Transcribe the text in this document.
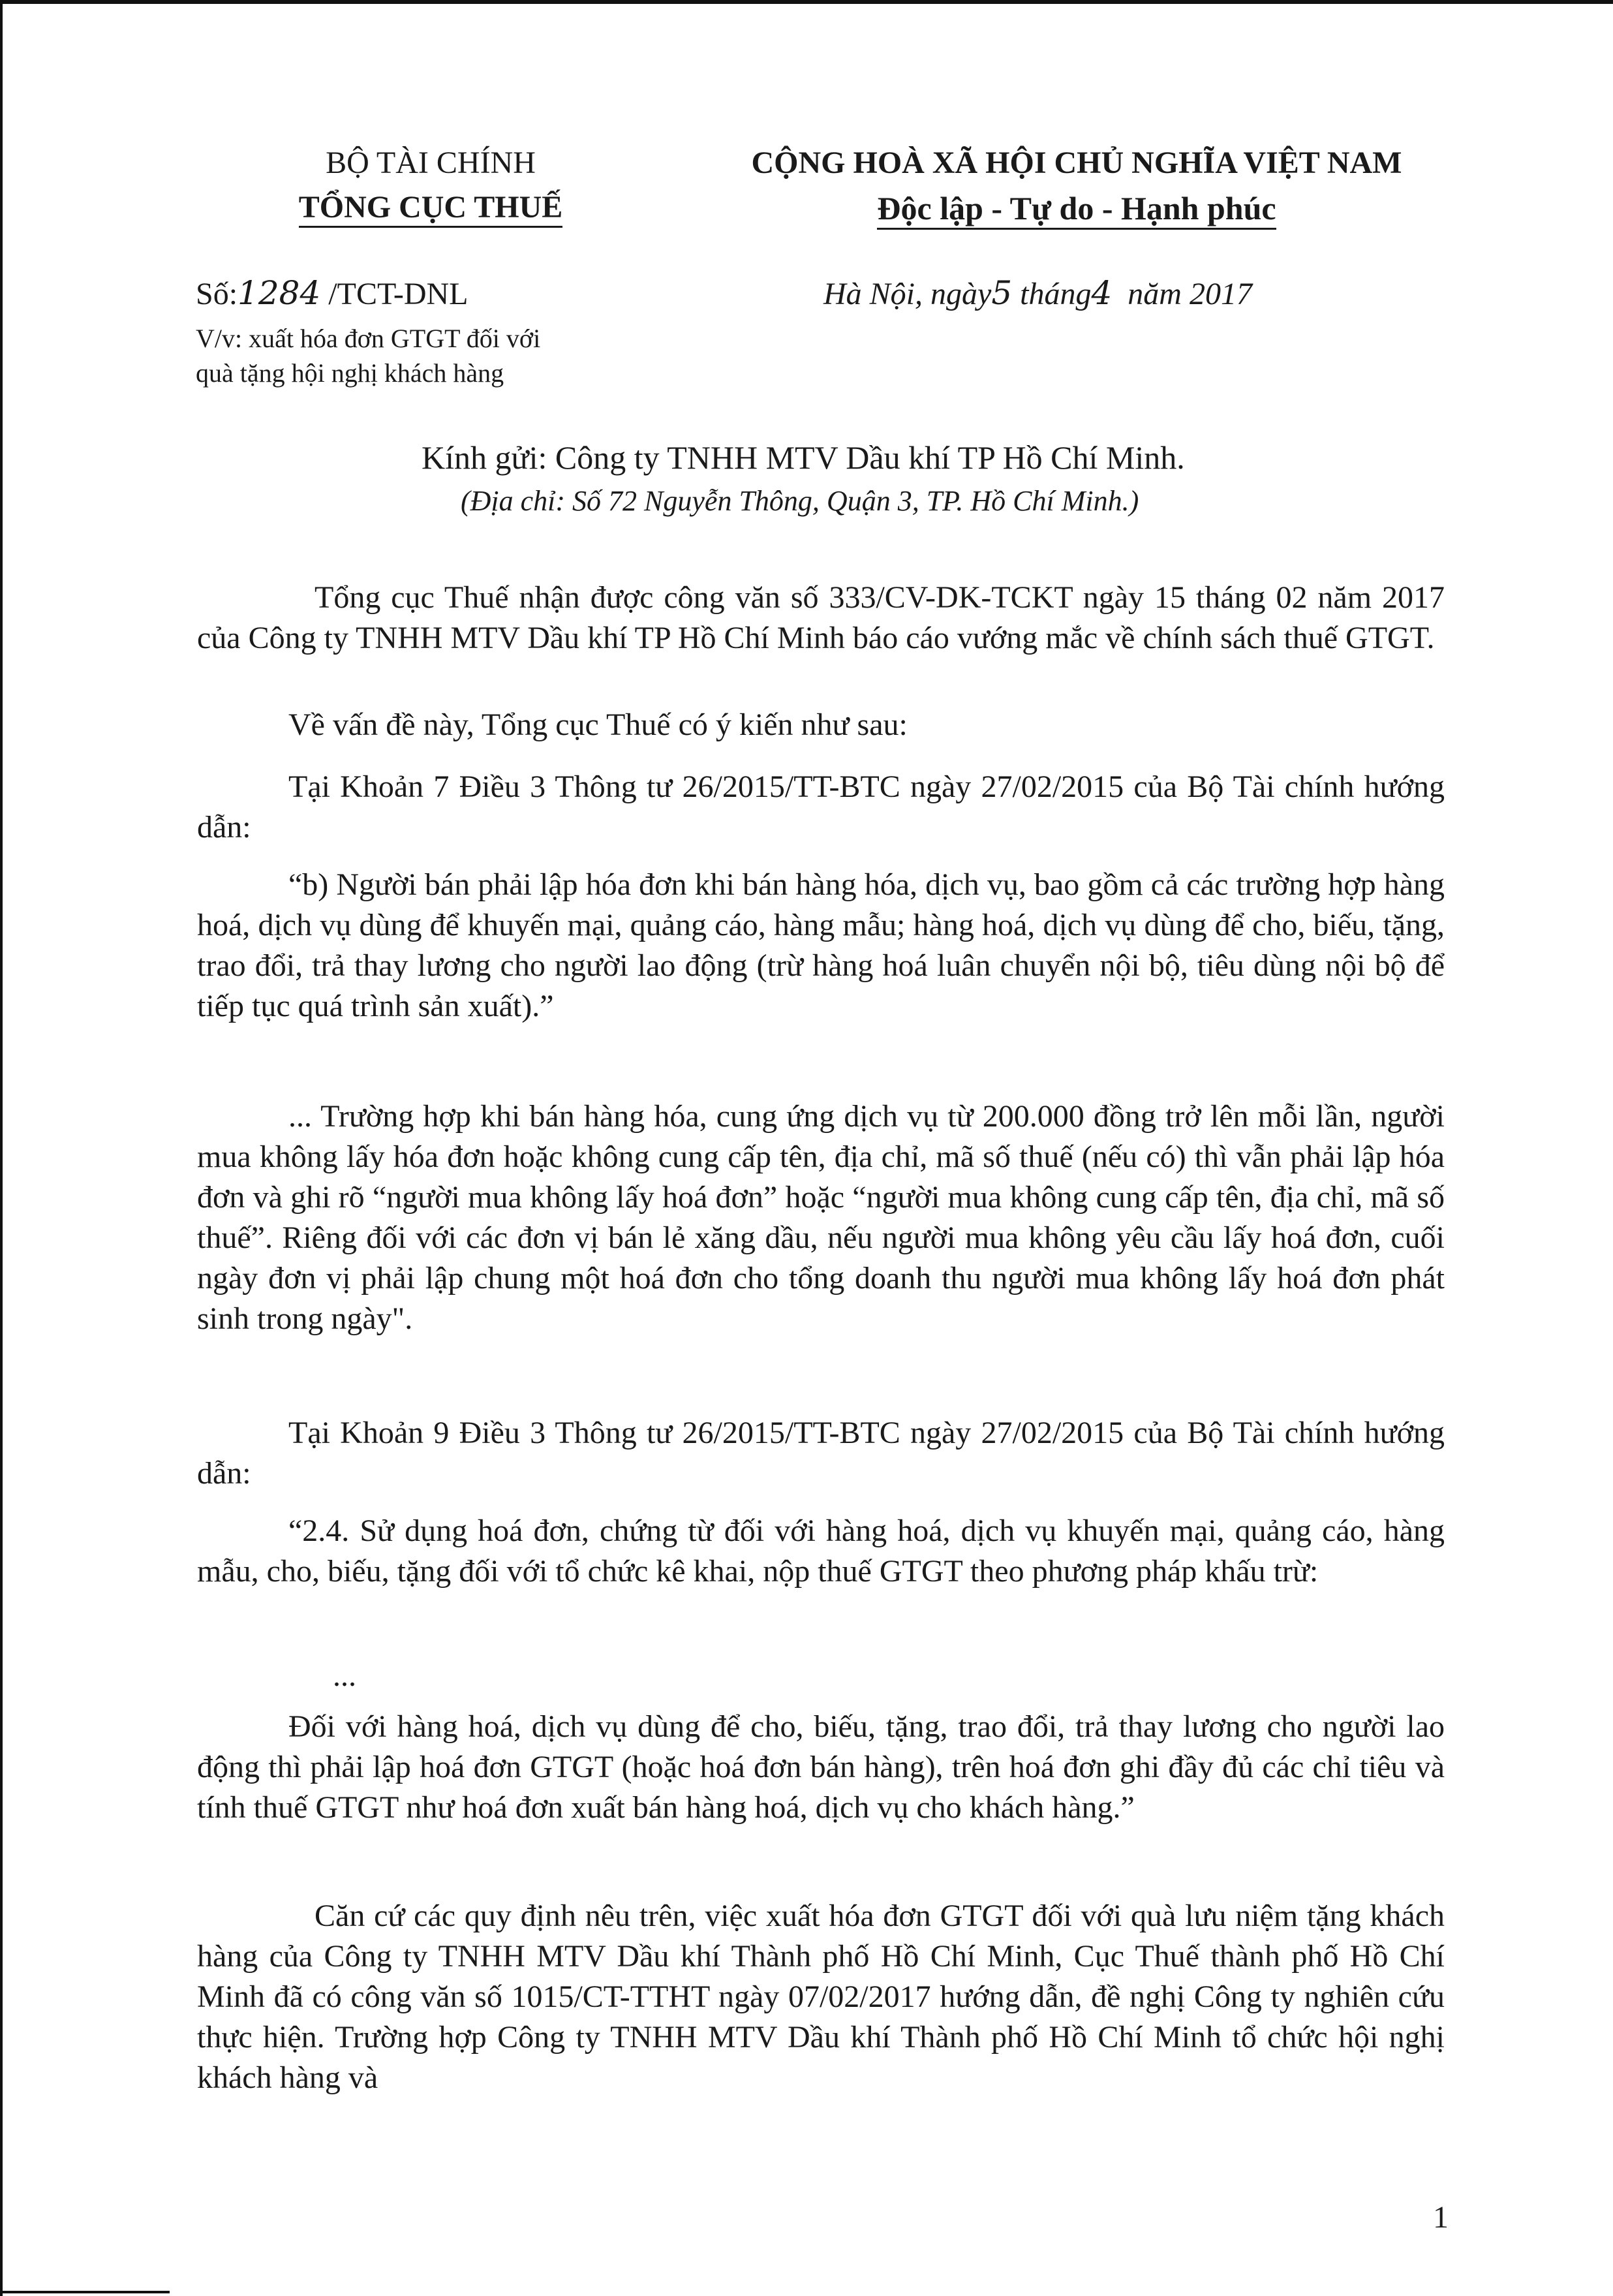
BỘ TÀI CHÍNH
TỔNG CỤC THUẾ
CỘNG HOÀ XÃ HỘI CHỦ NGHĨA VIỆT NAM
Độc lập - Tự do - Hạnh phúc
Số:1284 /TCT-DNL
V/v: xuất hóa đơn GTGT đối với
quà tặng hội nghị khách hàng
Hà Nội, ngày5 tháng4 năm 2017
Kính gửi: Công ty TNHH MTV Dầu khí TP Hồ Chí Minh.
(Địa chỉ: Số 72 Nguyễn Thông, Quận 3, TP. Hồ Chí Minh.)
Tổng cục Thuế nhận được công văn số 333/CV-DK-TCKT ngày 15 tháng 02 năm 2017 của Công ty TNHH MTV Dầu khí TP Hồ Chí Minh báo cáo vướng mắc về chính sách thuế GTGT.
Về vấn đề này, Tổng cục Thuế có ý kiến như sau:
Tại Khoản 7 Điều 3 Thông tư 26/2015/TT-BTC ngày 27/02/2015 của Bộ Tài chính hướng dẫn:
“b) Người bán phải lập hóa đơn khi bán hàng hóa, dịch vụ, bao gồm cả các trường hợp hàng hoá, dịch vụ dùng để khuyến mại, quảng cáo, hàng mẫu; hàng hoá, dịch vụ dùng để cho, biếu, tặng, trao đổi, trả thay lương cho người lao động (trừ hàng hoá luân chuyển nội bộ, tiêu dùng nội bộ để tiếp tục quá trình sản xuất).”
... Trường hợp khi bán hàng hóa, cung ứng dịch vụ từ 200.000 đồng trở lên mỗi lần, người mua không lấy hóa đơn hoặc không cung cấp tên, địa chỉ, mã số thuế (nếu có) thì vẫn phải lập hóa đơn và ghi rõ “người mua không lấy hoá đơn” hoặc “người mua không cung cấp tên, địa chỉ, mã số thuế”. Riêng đối với các đơn vị bán lẻ xăng dầu, nếu người mua không yêu cầu lấy hoá đơn, cuối ngày đơn vị phải lập chung một hoá đơn cho tổng doanh thu người mua không lấy hoá đơn phát sinh trong ngày".
Tại Khoản 9 Điều 3 Thông tư 26/2015/TT-BTC ngày 27/02/2015 của Bộ Tài chính hướng dẫn:
“2.4. Sử dụng hoá đơn, chứng từ đối với hàng hoá, dịch vụ khuyến mại, quảng cáo, hàng mẫu, cho, biếu, tặng đối với tổ chức kê khai, nộp thuế GTGT theo phương pháp khấu trừ:
...
Đối với hàng hoá, dịch vụ dùng để cho, biếu, tặng, trao đổi, trả thay lương cho người lao động thì phải lập hoá đơn GTGT (hoặc hoá đơn bán hàng), trên hoá đơn ghi đầy đủ các chỉ tiêu và tính thuế GTGT như hoá đơn xuất bán hàng hoá, dịch vụ cho khách hàng.”
Căn cứ các quy định nêu trên, việc xuất hóa đơn GTGT đối với quà lưu niệm tặng khách hàng của Công ty TNHH MTV Dầu khí Thành phố Hồ Chí Minh, Cục Thuế thành phố Hồ Chí Minh đã có công văn số 1015/CT-TTHT ngày 07/02/2017 hướng dẫn, đề nghị Công ty nghiên cứu thực hiện. Trường hợp Công ty TNHH MTV Dầu khí Thành phố Hồ Chí Minh tổ chức hội nghị khách hàng và
1
